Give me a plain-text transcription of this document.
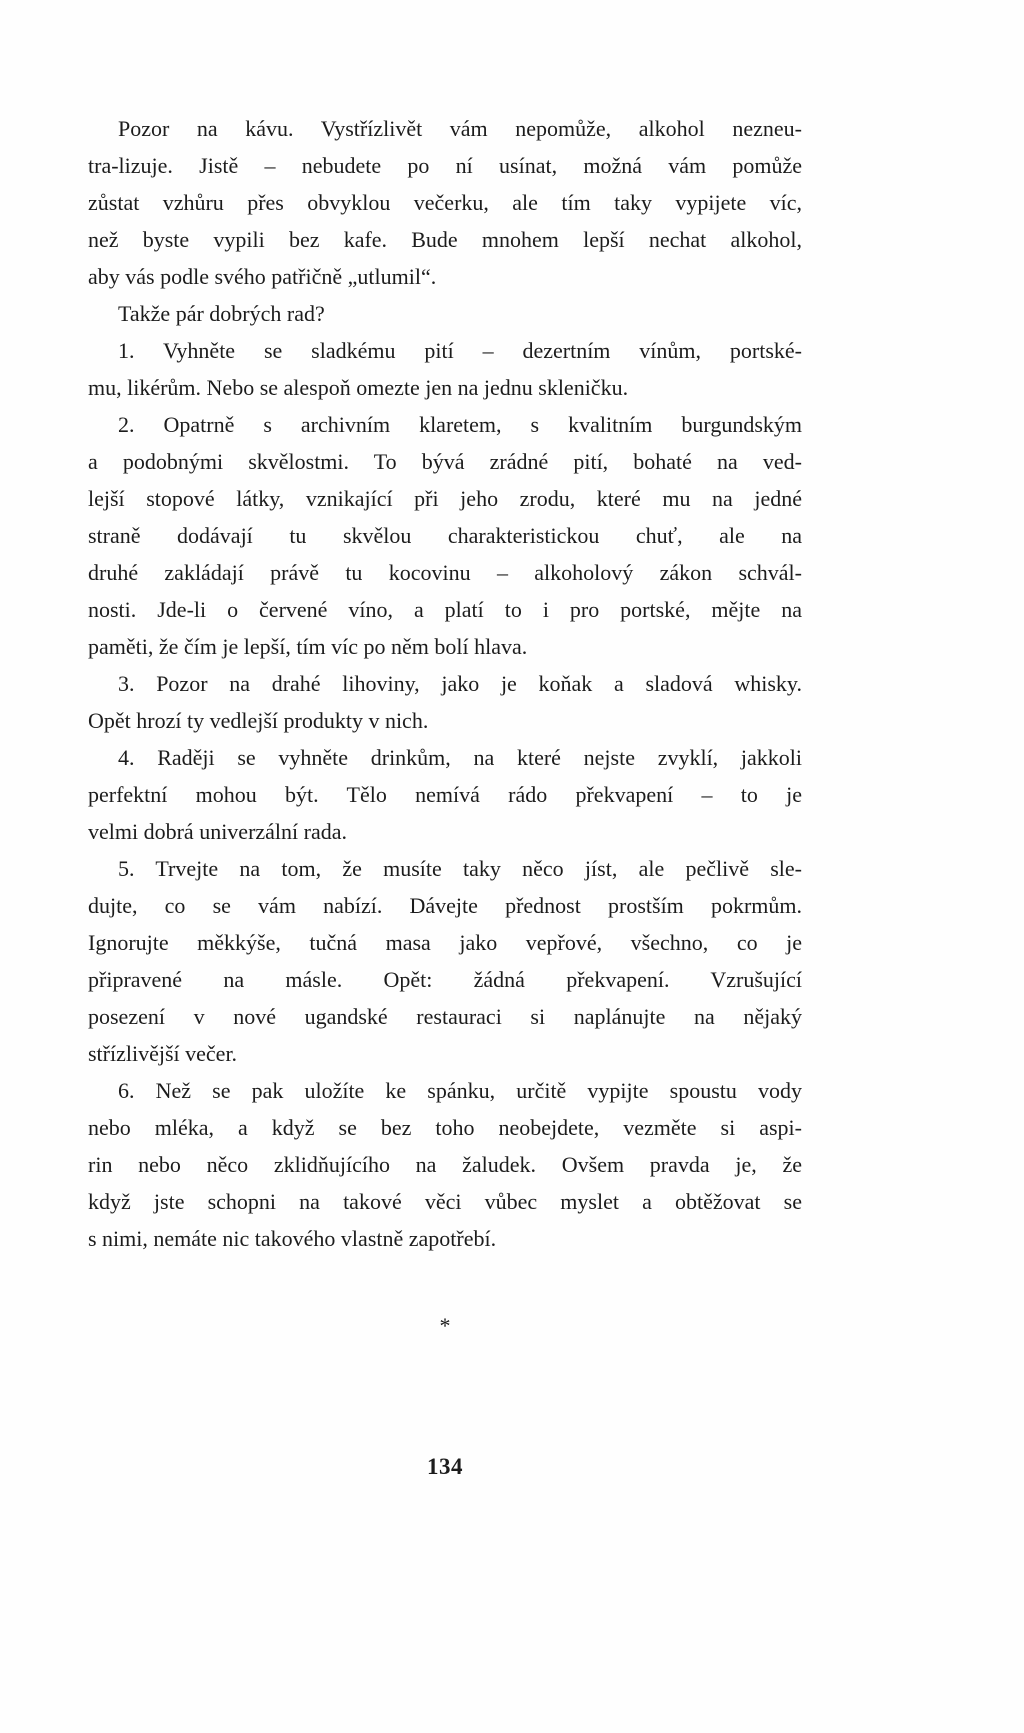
Pozor na kávu. Vystřízlivět vám nepomůže, alkohol nezneu-
tra-lizuje. Jistě – nebudete po ní usínat, možná vám pomůže
zůstat vzhůru přes obvyklou večerku, ale tím taky vypijete víc,
než byste vypili bez kafe. Bude mnohem lepší nechat alkohol,
aby vás podle svého patřičně „utlumil“.
Takže pár dobrých rad?
1. Vyhněte se sladkému pití – dezertním vínům, portské-
mu, likérům. Nebo se alespoň omezte jen na jednu skleničku.
2. Opatrně s archivním klaretem, s kvalitním burgundským
a podobnými skvělostmi. To bývá zrádné pití, bohaté na ved-
lejší stopové látky, vznikající při jeho zrodu, které mu na jedné
straně dodávají tu skvělou charakteristickou chuť, ale na
druhé zakládají právě tu kocovinu – alkoholový zákon schvál-
nosti. Jde-li o červené víno, a platí to i pro portské, mějte na
paměti, že čím je lepší, tím víc po něm bolí hlava.
3. Pozor na drahé lihoviny, jako je koňak a sladová whisky.
Opět hrozí ty vedlejší produkty v nich.
4. Raději se vyhněte drinkům, na které nejste zvyklí, jakkoli
perfektní mohou být. Tělo nemívá rádo překvapení – to je
velmi dobrá univerzální rada.
5. Trvejte na tom, že musíte taky něco jíst, ale pečlivě sle-
dujte, co se vám nabízí. Dávejte přednost prostším pokrmům.
Ignorujte měkkýše, tučná masa jako vepřové, všechno, co je
připravené na másle. Opět: žádná překvapení. Vzrušující
posezení v nové ugandské restauraci si naplánujte na nějaký
střízlivější večer.
6. Než se pak uložíte ke spánku, určitě vypijte spoustu vody
nebo mléka, a když se bez toho neobejdete, vezměte si aspi-
rin nebo něco zklidňujícího na žaludek. Ovšem pravda je, že
když jste schopni na takové věci vůbec myslet a obtěžovat se
s nimi, nemáte nic takového vlastně zapotřebí.
*
134
